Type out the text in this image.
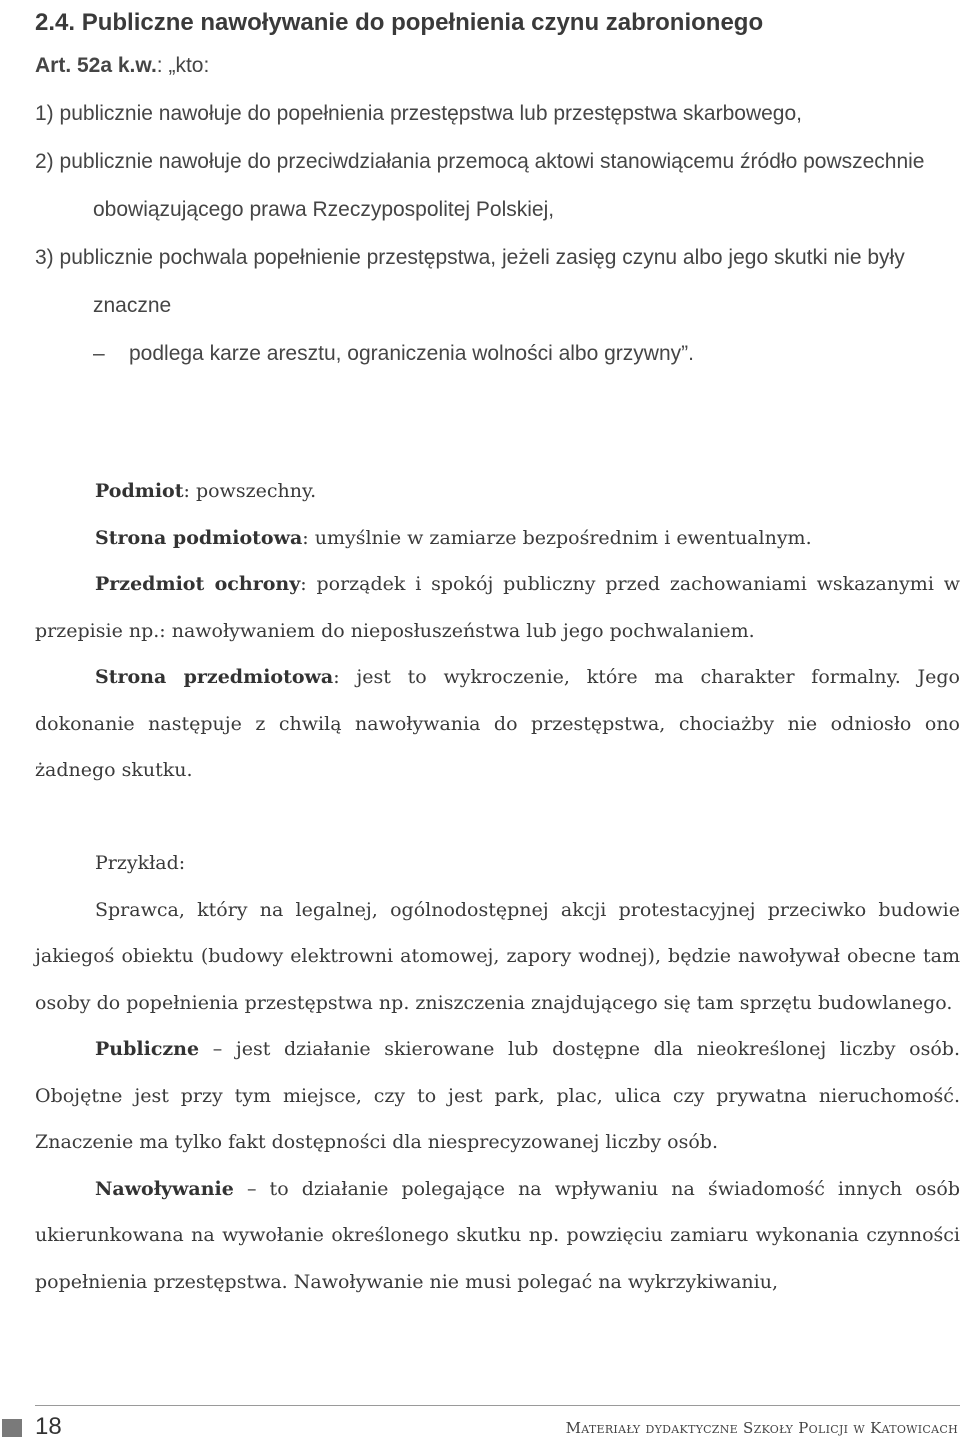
2.4. Publiczne nawoływanie do popełnienia czynu zabronionego
Art. 52a k.w.: „kto:
1) publicznie nawołuje do popełnienia przestępstwa lub przestępstwa skarbowego,
2) publicznie nawołuje do przeciwdziałania przemocą aktowi stanowiącemu źródło powszechnie obowiązującego prawa Rzeczypospolitej Polskiej,
3) publicznie pochwala popełnienie przestępstwa, jeżeli zasięg czynu albo jego skutki nie były znaczne
– podlega karze aresztu, ograniczenia wolności albo grzywny”.

Podmiot: powszechny.

Strona podmiotowa: umyślnie w zamiarze bezpośrednim i ewentualnym.

Przedmiot ochrony: porządek i spokój publiczny przed zachowaniami wskazanymi w przepisie np.: nawoływaniem do nieposłuszeństwa lub jego pochwalaniem.

Strona przedmiotowa: jest to wykroczenie, które ma charakter formalny. Jego dokonanie następuje z chwilą nawoływania do przestępstwa, chociażby nie odniosło ono żadnego skutku.

Przykład:

Sprawca, który na legalnej, ogólnodostępnej akcji protestacyjnej przeciwko budowie jakiegoś obiektu (budowy elektrowni atomowej, zapory wodnej), będzie nawoływał obecne tam osoby do popełnienia przestępstwa np. zniszczenia znajdującego się tam sprzętu budowlanego.

Publiczne – jest działanie skierowane lub dostępne dla nieokreślonej liczby osób. Obojętne jest przy tym miejsce, czy to jest park, plac, ulica czy prywatna nieruchomość. Znaczenie ma tylko fakt dostępności dla niesprecyzowanej liczby osób.

Nawoływanie – to działanie polegające na wpływaniu na świadomość innych osób ukierunkowana na wywołanie określonego skutku np. powzięciu zamiaru wykonania czynności popełnienia przestępstwa. Nawoływanie nie musi polegać na wykrzykiwaniu,

18	Materiały dydaktyczne Szkoły Policji w Katowicach
